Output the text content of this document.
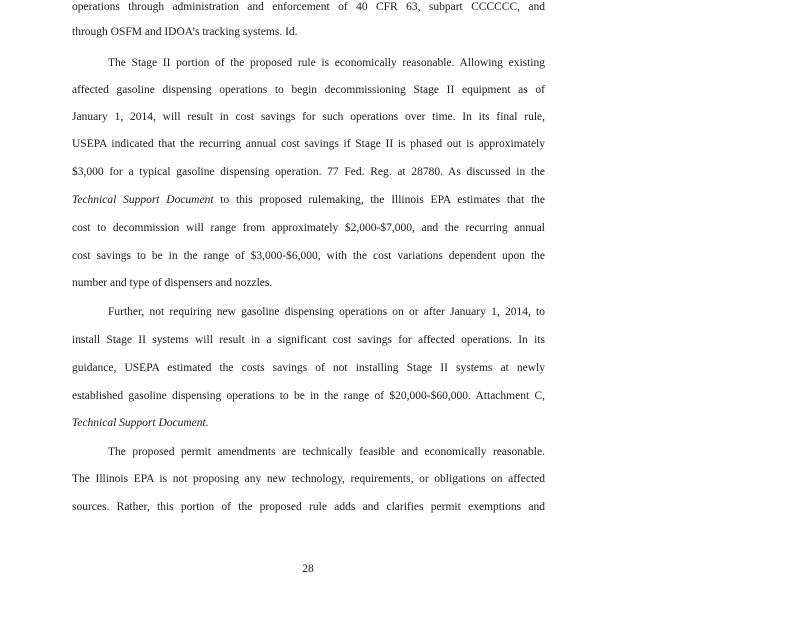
operations through administration and enforcement of 40 CFR 63, subpart CCCCCC, and
through OSFM and IDOA’s tracking systems. Id.
The Stage II portion of the proposed rule is economically reasonable. Allowing existing
affected gasoline dispensing operations to begin decommissioning Stage II equipment as of
January 1, 2014, will result in cost savings for such operations over time. In its final rule,
USEPA indicated that the recurring annual cost savings if Stage II is phased out is approximately
$3,000 for a typical gasoline dispensing operation. 77 Fed. Reg. at 28780. As discussed in the
Technical Support Document to this proposed rulemaking, the Illinois EPA estimates that the
cost to decommission will range from approximately $2,000-$7,000, and the recurring annual
cost savings to be in the range of $3,000-$6,000, with the cost variations dependent upon the
number and type of dispensers and nozzles.
Further, not requiring new gasoline dispensing operations on or after January 1, 2014, to
install Stage II systems will result in a significant cost savings for affected operations. In its
guidance, USEPA estimated the costs savings of not installing Stage II systems at newly
established gasoline dispensing operations to be in the range of $20,000-$60,000. Attachment C,
Technical Support Document.
The proposed permit amendments are technically feasible and economically reasonable.
The Illinois EPA is not proposing any new technology, requirements, or obligations on affected
sources. Rather, this portion of the proposed rule adds and clarifies permit exemptions and
28
